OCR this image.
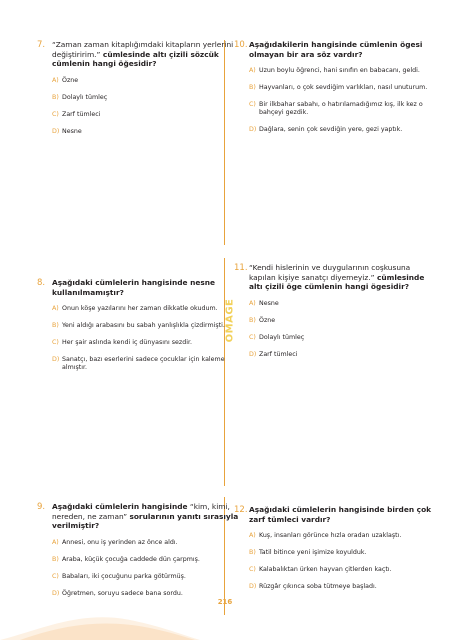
OMAGE
7. “Zaman zaman kitaplığımdaki kitapların yerlerini değiştiririm.” cümlesinde altı çizili sözcük cümlenin hangi öğesidir?
A) Özne
B) Dolaylı tümleç
C) Zarf tümleci
D) Nesne
8. Aşağıdaki cümlelerin hangisinde nesne kullanılmamıştır?
A) Onun köşe yazılarını her zaman dikkatle okudum.
B) Yeni aldığı arabasını bu sabah yanlışlıkla çizdirmişti.
C) Her şair aslında kendi iç dünyasını sezdir.
D) Sanatçı, bazı eserlerini sadece çocuklar için kaleme almıştır.
9. Aşağıdaki cümlelerin hangisinde “kim, kimi, nereden, ne zaman” sorularının yanıtı sırasıyla verilmiştir?
A) Annesi, onu iş yerinden az önce aldı.
B) Araba, küçük çocuğa caddede dün çarpmış.
C) Babaları, iki çocuğunu parka götürmüş.
D) Öğretmen, soruyu sadece bana sordu.
10. Aşağıdakilerin hangisinde cümlenin ögesi olmayan bir ara söz vardır?
A) Uzun boylu öğrenci, hani sınıfın en babacanı, geldi.
B) Hayvanları, o çok sevdiğim varlıkları, nasıl unuturum.
C) Bir ilkbahar sabahı, o hatırılamadığımız kış, ilk kez o bahçeyi gezdik.
D) Dağlara, senin çok sevdiğin yere, gezi yaptık.
11. “Kendi hislerinin ve duygularının coşkusuna kapılan kişiye sanatçı diyemeyiz.” cümlesinde altı çizili öge cümlenin hangi ögesidir?
A) Nesne
B) Özne
C) Dolaylı tümleç
D) Zarf tümleci
12. Aşağıdaki cümlelerin hangisinde birden çok zarf tümleci vardır?
A) Kuş, insanları görünce hızla oradan uzaklaştı.
B) Tatil bitince yeni işimize koyulduk.
C) Kalabalıktan ürken hayvan çitlerden kaçtı.
D) Rüzgâr çıkınca soba tütmeye başladı.
216
